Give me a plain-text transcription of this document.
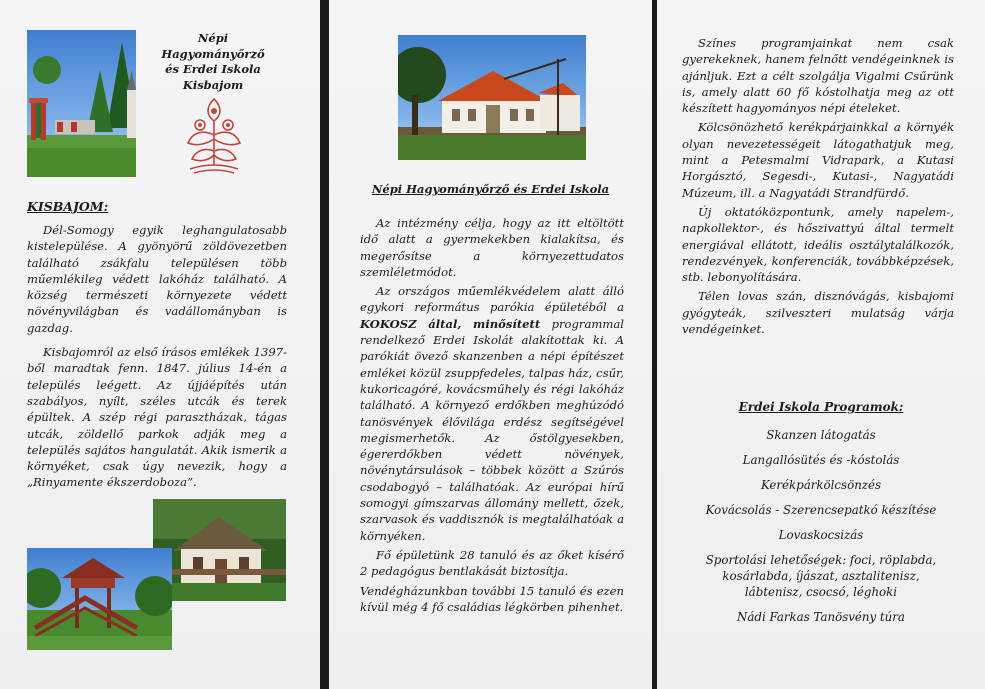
Népi Hagyományőrző
és Erdei Iskola
Kisbajom
KISBAJOM:

Dél-Somogy egyik leghangulatosabb kistelepülése. A gyönyörű zöldövezetben található zsákfalu településen több műemlékileg védett lakóház található. A község természeti környezete védett növényvilágban és vadállományban is gazdag.

Kisbajomról az első írásos emlékek 1397-ből maradtak fenn. 1847. július 14-én a település leégett. Az újjáépítés után szabályos, nyílt, széles utcák és terek épültek. A szép régi parasztházak, tágas utcák, zöldellő parkok adják meg a település sajátos hangulatát. Akik ismerik a környéket, csak úgy nevezik, hogy a „Rinyamente ékszerdoboza”.

Népi Hagyományőrző és Erdei Iskola

Az intézmény célja, hogy az itt eltöltött idő alatt a gyermekekben kialakítsa, és megerősítse a környezettudatos szemléletmódot.

Az országos műemlékvédelem alatt álló egykori református parókia épületéből a KOKOSZ által, minősített programmal rendelkező Erdei Iskolát alakítottak ki. A parókiát övező skanzenben a népi építészet emlékei közül zsuppfedeles, talpas ház, csűr, kukoricagóré, kovácsműhely és régi lakóház található. A környező erdőkben meghúzódó tanösvények élővilága erdész segítségével megismerhetők. Az őstölgyesekben, égererdőkben védett növények, növénytársulások – többek között a Szúrós csodabogyó – találhatóak. Az európai hírű somogyi gímszarvas állomány mellett, őzek, szarvasok és vaddisznók is megtalálhatóak a környéken.

Fő épületünk 28 tanuló és az őket kísérő 2 pedagógus bentlakását biztosítja.

Vendégházunkban további 15 tanuló és ezen kívül még 4 fő családias légkörben pihenhet.

Színes programjainkat nem csak gyerekeknek, hanem felnőtt vendégeinknek is ajánljuk. Ezt a célt szolgálja Vigalmi Csűrünk is, amely alatt 60 fő kóstolhatja meg az ott készített hagyományos népi ételeket.

Kölcsönözhető kerékpárjainkkal a környék olyan nevezetességeit látogathatjuk meg, mint a Petesmalmi Vidrapark, a Kutasi Horgásztó, Segesdi-, Kutasi-, Nagyatádi Múzeum, ill. a Nagyatádi Strandfürdő.

Új oktatóközpontunk, amely napelem-, napkollektor-, és hőszivattyú által termelt energiával ellátott, ideális osztálytalálkozók, rendezvények, konferenciák, továbbképzések, stb. lebonyolítására.

Télen lovas szán, disznóvágás, kisbajomi gyógyteák, szilveszteri mulatság várja vendégeinket.

Erdei Iskola Programok:
Skanzen látogatás
Langallósütés és -kóstolás
Kerékpárkölcsönzés
Kovácsolás - Szerencsepatkó készítése
Lovaskocsizás
Sportolási lehetőségek: foci, röplabda, kosárlabda, íjászat, asztalitenisz, lábtenisz, csocsó, léghoki
Nádi Farkas Tanösvény túra
